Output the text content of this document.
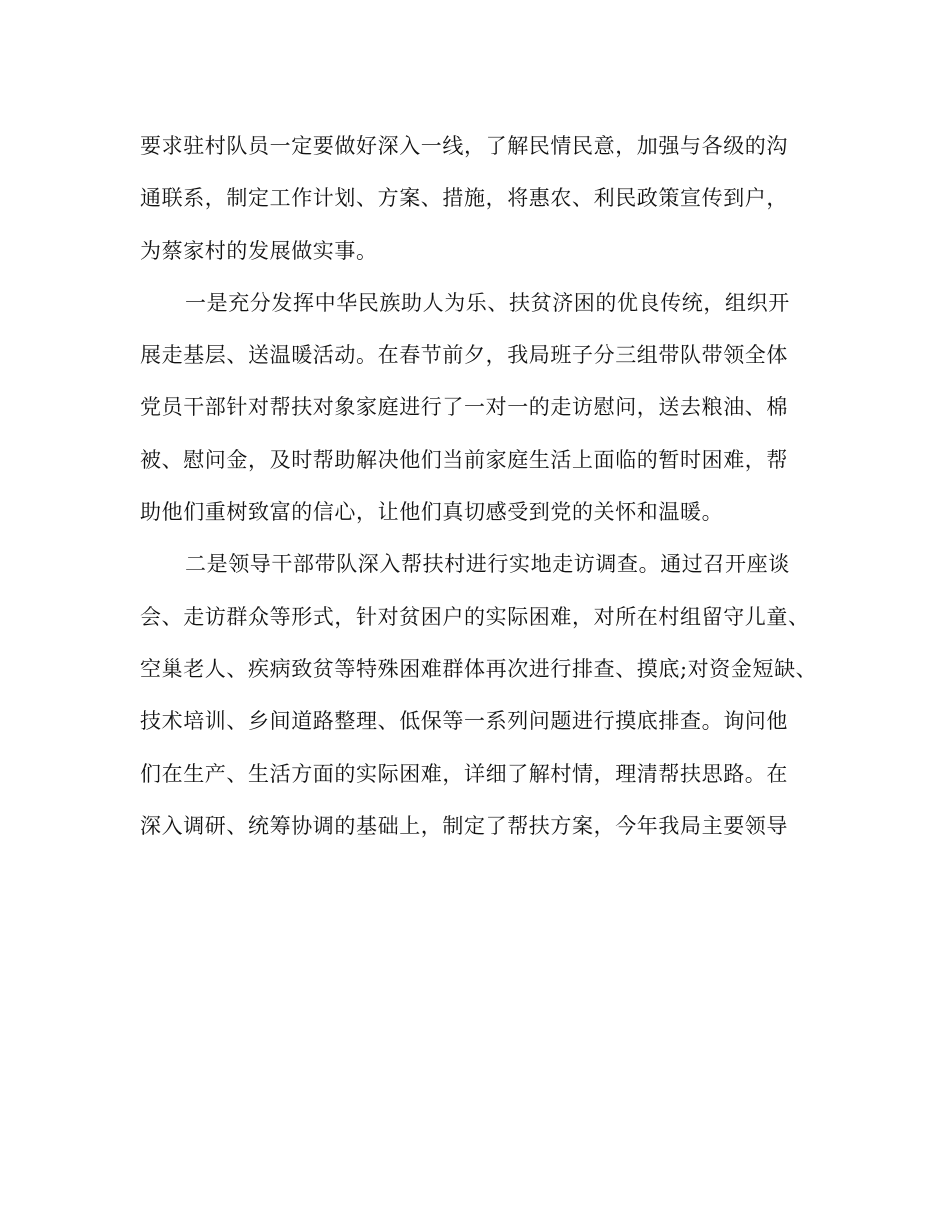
要求驻村队员一定要做好深入一线，了解民情民意，加强与各级的沟
通联系，制定工作计划、方案、措施，将惠农、利民政策宣传到户，
为蔡家村的发展做实事。
一是充分发挥中华民族助人为乐、扶贫济困的优良传统，组织开
展走基层、送温暖活动。在春节前夕，我局班子分三组带队带领全体
党员干部针对帮扶对象家庭进行了一对一的走访慰问，送去粮油、棉
被、慰问金，及时帮助解决他们当前家庭生活上面临的暂时困难，帮
助他们重树致富的信心，让他们真切感受到党的关怀和温暖。
二是领导干部带队深入帮扶村进行实地走访调查。通过召开座谈
会、走访群众等形式，针对贫困户的实际困难，对所在村组留守儿童、
空巢老人、疾病致贫等特殊困难群体再次进行排查、摸底;对资金短缺、
技术培训、乡间道路整理、低保等一系列问题进行摸底排查。询问他
们在生产、生活方面的实际困难，详细了解村情，理清帮扶思路。在
深入调研、统筹协调的基础上，制定了帮扶方案，今年我局主要领导
